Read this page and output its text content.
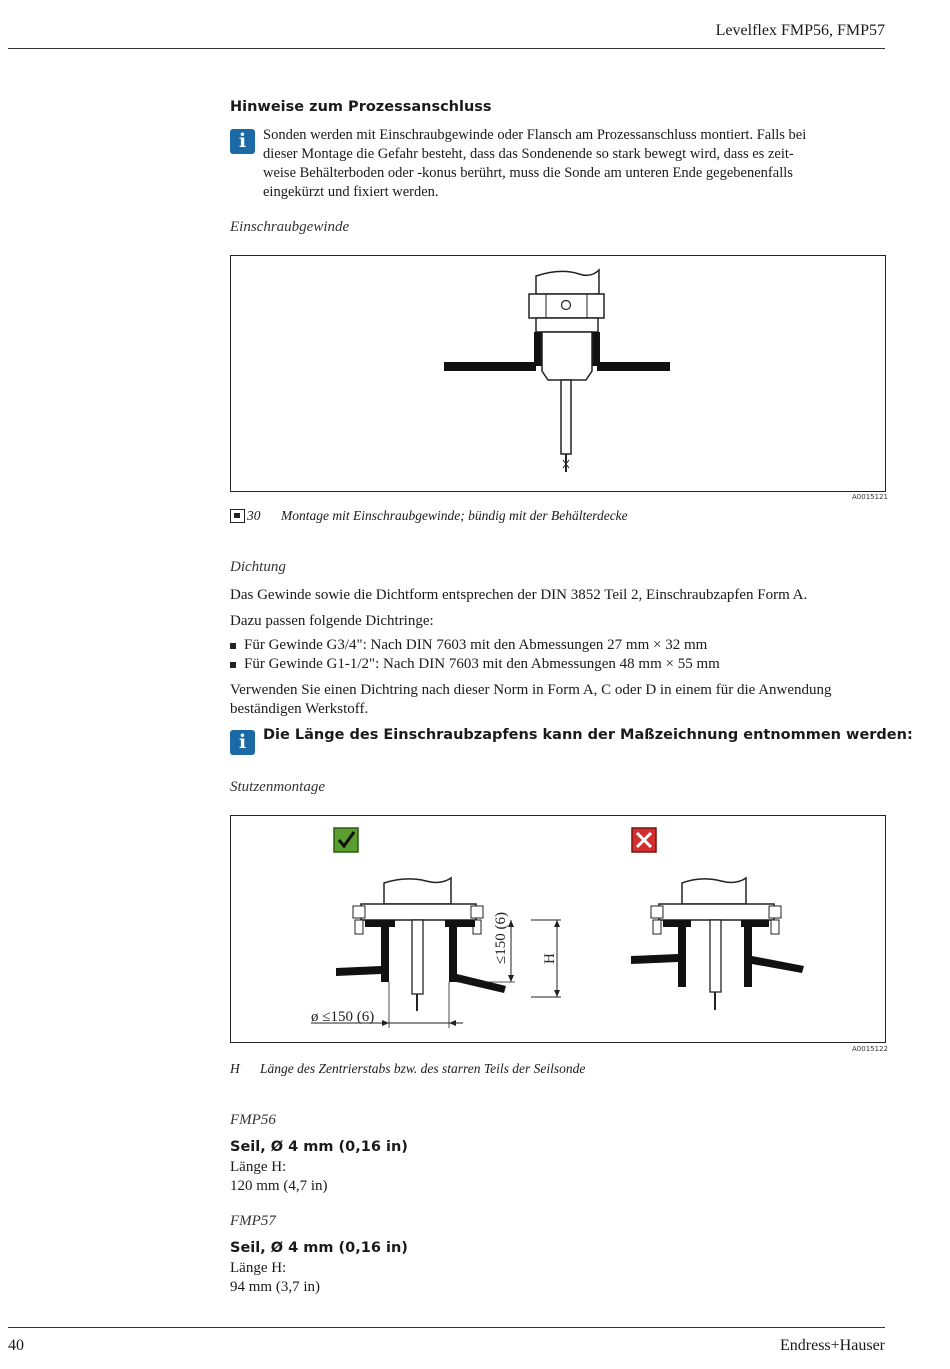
Levelflex FMP56, FMP57
Hinweise zum Prozessanschluss
i	Sonden werden mit Einschraubgewinde oder Flansch am Prozessanschluss montiert. Falls bei
dieser Montage die Gefahr besteht, dass das Sondenende so stark bewegt wird, dass es zeit-
weise Behälterboden oder -konus berührt, muss die Sonde am unteren Ende gegebenenfalls
eingekürzt und fixiert werden.
Einschraubgewinde
A0015121
30 Montage mit Einschraubgewinde; bündig mit der Behälterdecke
Dichtung
Das Gewinde sowie die Dichtform entsprechen der DIN 3852 Teil 2, Einschraubzapfen Form A.
Dazu passen folgende Dichtringe:
Für Gewinde G3/4": Nach DIN 7603 mit den Abmessungen 27 mm × 32 mm
Für Gewinde G1-1/2": Nach DIN 7603 mit den Abmessungen 48 mm × 55 mm
Verwenden Sie einen Dichtring nach dieser Norm in Form A, C oder D in einem für die Anwendung
beständigen Werkstoff.
i	Die Länge des Einschraubzapfens kann der Maßzeichnung entnommen werden:
Stutzenmontage
ø ≤150 (6)
≤150 (6) H
A0015122
H Länge des Zentrierstabs bzw. des starren Teils der Seilsonde
FMP56
Seil, Ø 4 mm (0,16 in)
Länge H:
120 mm (4,7 in)
FMP57
Seil, Ø 4 mm (0,16 in)
Länge H:
94 mm (3,7 in)
40	Endress+Hauser
